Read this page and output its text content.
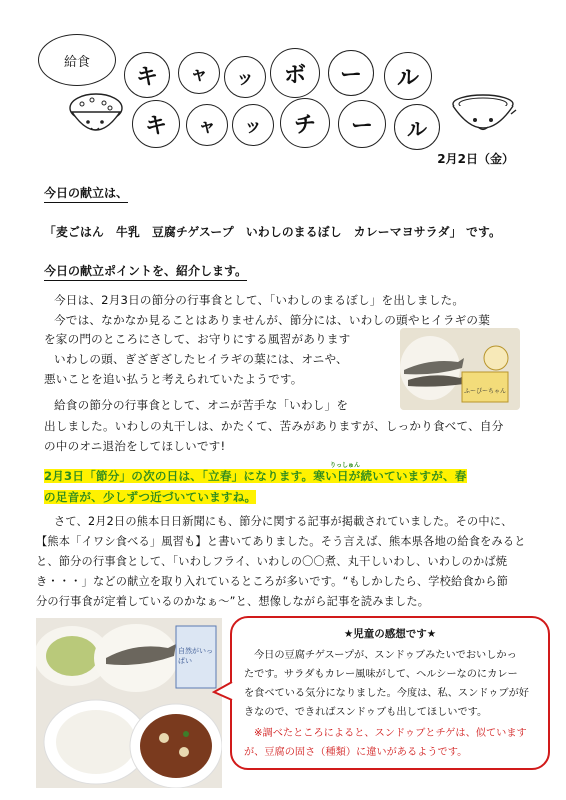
給食
キ ャ ッ ボ ー ル
キ ャ ッ チ ー ル
2月2日（金）
今日の献立は、
「麦ごはん　牛乳　豆腐チゲスープ　いわしのまるぼし　カレーマヨサラダ」 です。
今日の献立ポイントを、紹介します。
今日は、2月3日の節分の行事食として、「いわしのまるぼし」を出しました。
今では、なかなか見ることはありませんが、節分には、いわしの頭やヒイラギの葉
を家の門のところにさして、お守りにする風習があります
いわしの頭、ぎざぎざしたヒイラギの葉には、オニや、
悪いことを追い払うと考えられていたようです。
給食の節分の行事食として、オニが苦手な「いわし」を
出しました。いわしの丸干しは、かたくて、苦みがありますが、しっかり食べて、自分
の中のオニ退治をしてほしいです!
ふーぴーちゃん
りっしゅん
2月3日「節分」の次の日は、「立春」になります。寒い日が続いていますが、春
の足音が、少しずつ近づいていますね。
さて、2月2日の熊本日日新聞にも、節分に関する記事が掲載されていました。その中に、
【熊本「イワシ食べる」風習も】と書いてありました。そう言えば、熊本県各地の給食をみると
と、節分の行事食として、「いわしフライ、いわしの〇〇煮、丸干しいわし、いわしのかば焼
き・・・」などの献立を取り入れているところが多いです。“もしかしたら、学校給食から節
分の行事食が定着しているのかなぁ～”と、想像しながら記事を読みました。
自然がいっぱい
★児童の感想です★
今日の豆腐チゲスープが、スンドゥブみたいでおいしかっ
たです。サラダもカレー風味がして、ヘルシーなのにカレー
を食べている気分になりました。今度は、私、スンドゥブが好
きなので、できればスンドゥブも出してほしいです。
※調べたところによると、スンドゥブとチゲは、似ています
が、豆腐の固さ（種類）に違いがあるようです。
